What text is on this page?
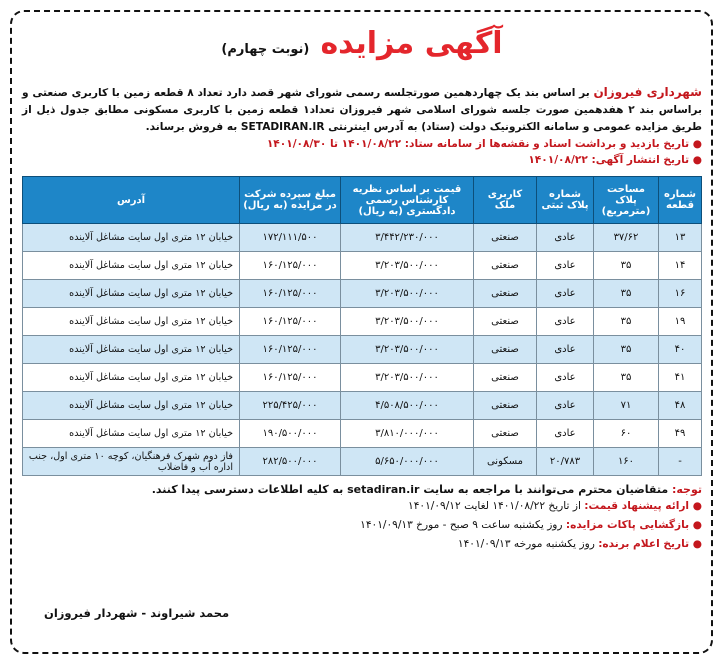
آگهی مزایده (نوبت چهارم)
شهرداری فیروزان بر اساس بند یک چهاردهمین صورتجلسه رسمی شورای شهر قصد دارد تعداد ۸ قطعه زمین با کاربری صنعتی و براساس بند ۲ هفدهمین صورت جلسه شورای اسلامی شهر فیروزان تعداد۱ قطعه زمین با کاربری مسکونی مطابق جدول ذیل از طریق مزایده عمومی و سامانه الکترونیک دولت (ستاد) به آدرس اینترنتی SETADIRAN.IR به فروش برساند.
● تاریخ بازدید و برداشت اسناد و نقشه‌ها از سامانه ستاد: ۱۴۰۱/۰۸/۲۲ تا ۱۴۰۱/۰۸/۳۰
● تاریخ انتشار آگهی: ۱۴۰۱/۰۸/۲۲
شماره قطعه	مساحت پلاک (مترمربع)	شماره پلاک ثبتی	کاربری ملک	قیمت بر اساس نظریه کارشناس رسمی دادگستری (به ریال)	مبلغ سپرده شرکت در مزایده (به ریال)	آدرس
۱۳	۳۷/۶۲	عادی	صنعتی	۳/۴۴۲/۲۳۰/۰۰۰	۱۷۲/۱۱۱/۵۰۰	خیابان ۱۲ متری اول سایت مشاغل آلاینده
۱۴	۳۵	عادی	صنعتی	۳/۲۰۳/۵۰۰/۰۰۰	۱۶۰/۱۲۵/۰۰۰	خیابان ۱۲ متری اول سایت مشاغل آلاینده
۱۶	۳۵	عادی	صنعتی	۳/۲۰۳/۵۰۰/۰۰۰	۱۶۰/۱۲۵/۰۰۰	خیابان ۱۲ متری اول سایت مشاغل آلاینده
۱۹	۳۵	عادی	صنعتی	۳/۲۰۳/۵۰۰/۰۰۰	۱۶۰/۱۲۵/۰۰۰	خیابان ۱۲ متری اول سایت مشاغل آلاینده
۴۰	۳۵	عادی	صنعتی	۳/۲۰۳/۵۰۰/۰۰۰	۱۶۰/۱۲۵/۰۰۰	خیابان ۱۲ متری اول سایت مشاغل آلاینده
۴۱	۳۵	عادی	صنعتی	۳/۲۰۳/۵۰۰/۰۰۰	۱۶۰/۱۲۵/۰۰۰	خیابان ۱۲ متری اول سایت مشاغل آلاینده
۴۸	۷۱	عادی	صنعتی	۴/۵۰۸/۵۰۰/۰۰۰	۲۲۵/۴۲۵/۰۰۰	خیابان ۱۲ متری اول سایت مشاغل آلاینده
۴۹	۶۰	عادی	صنعتی	۳/۸۱۰/۰۰۰/۰۰۰	۱۹۰/۵۰۰/۰۰۰	خیابان ۱۲ متری اول سایت مشاغل آلاینده
-	۱۶۰	۲۰/۷۸۳	مسکونی	۵/۶۵۰/۰۰۰/۰۰۰	۲۸۲/۵۰۰/۰۰۰	فاز دوم شهرک فرهنگیان، کوچه ۱۰ متری اول، جنب اداره آب و فاضلاب
توجه: متقاضیان محترم می‌توانند با مراجعه به سایت setadiran.ir به کلیه اطلاعات دسترسی پیدا کنند.
● ارائه پیشنهاد قیمت: از تاریخ ۱۴۰۱/۰۸/۲۲ لغایت ۱۴۰۱/۰۹/۱۲
● بازگشایی پاکات مزایده: روز یکشنبه ساعت ۹ صبح - مورخ ۱۴۰۱/۰۹/۱۳
● تاریخ اعلام برنده: روز یکشنبه مورخه ۱۴۰۱/۰۹/۱۳
محمد شیراوند - شهردار فیروزان
